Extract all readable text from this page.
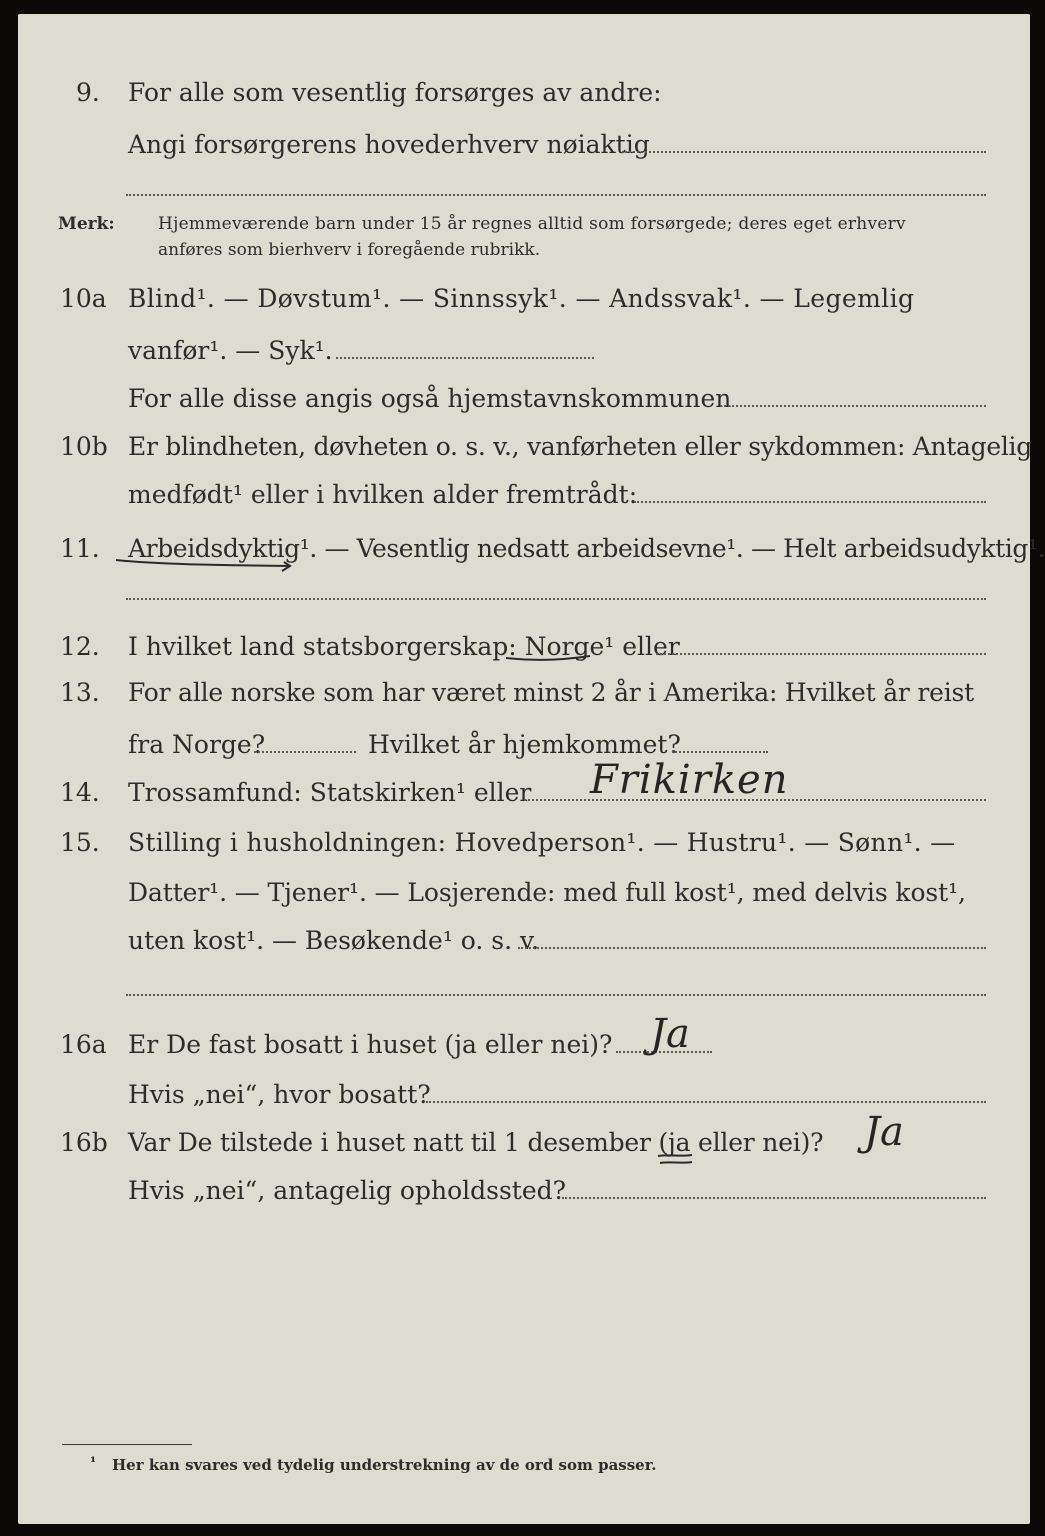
9. For alle som vesentlig forsørges av andre:
Angi forsørgerens hovederhverv nøiaktig
Merk:	Hjemmeværende barn under 15 år regnes alltid som forsørgede; deres eget erhverv
anføres som bierhverv i foregående rubrikk.
10a Blind¹. — Døvstum¹. — Sinnssyk¹. — Andssvak¹. — Legemlig
vanfør¹. — Syk¹.
For alle disse angis også hjemstavnskommunen
10b Er blindheten, døvheten o. s. v., vanførheten eller sykdommen: Antagelig
medfødt¹ eller i hvilken alder fremtrådt:
11. Arbeidsdyktig¹. — Vesentlig nedsatt arbeidsevne¹. — Helt arbeidsudyktig¹.
12. I hvilket land statsborgerskap: Norge¹ eller
13. For alle norske som har været minst 2 år i Amerika: Hvilket år reist
fra Norge?	Hvilket år hjemkommet?
14. Trossamfund: Statskirken¹ eller Frikirken
15. Stilling i husholdningen: Hovedperson¹. — Hustru¹. — Sønn¹. —
Datter¹. — Tjener¹. — Losjerende: med full kost¹, med delvis kost¹,
uten kost¹. — Besøkende¹ o. s. v.
16a Er De fast bosatt i huset (ja eller nei)? Ja
Hvis „nei“, hvor bosatt?
16b Var De tilstede i huset natt til 1 desember (ja eller nei)? Ja
Hvis „nei“, antagelig opholdssted?
¹ Her kan svares ved tydelig understrekning av de ord som passer.
